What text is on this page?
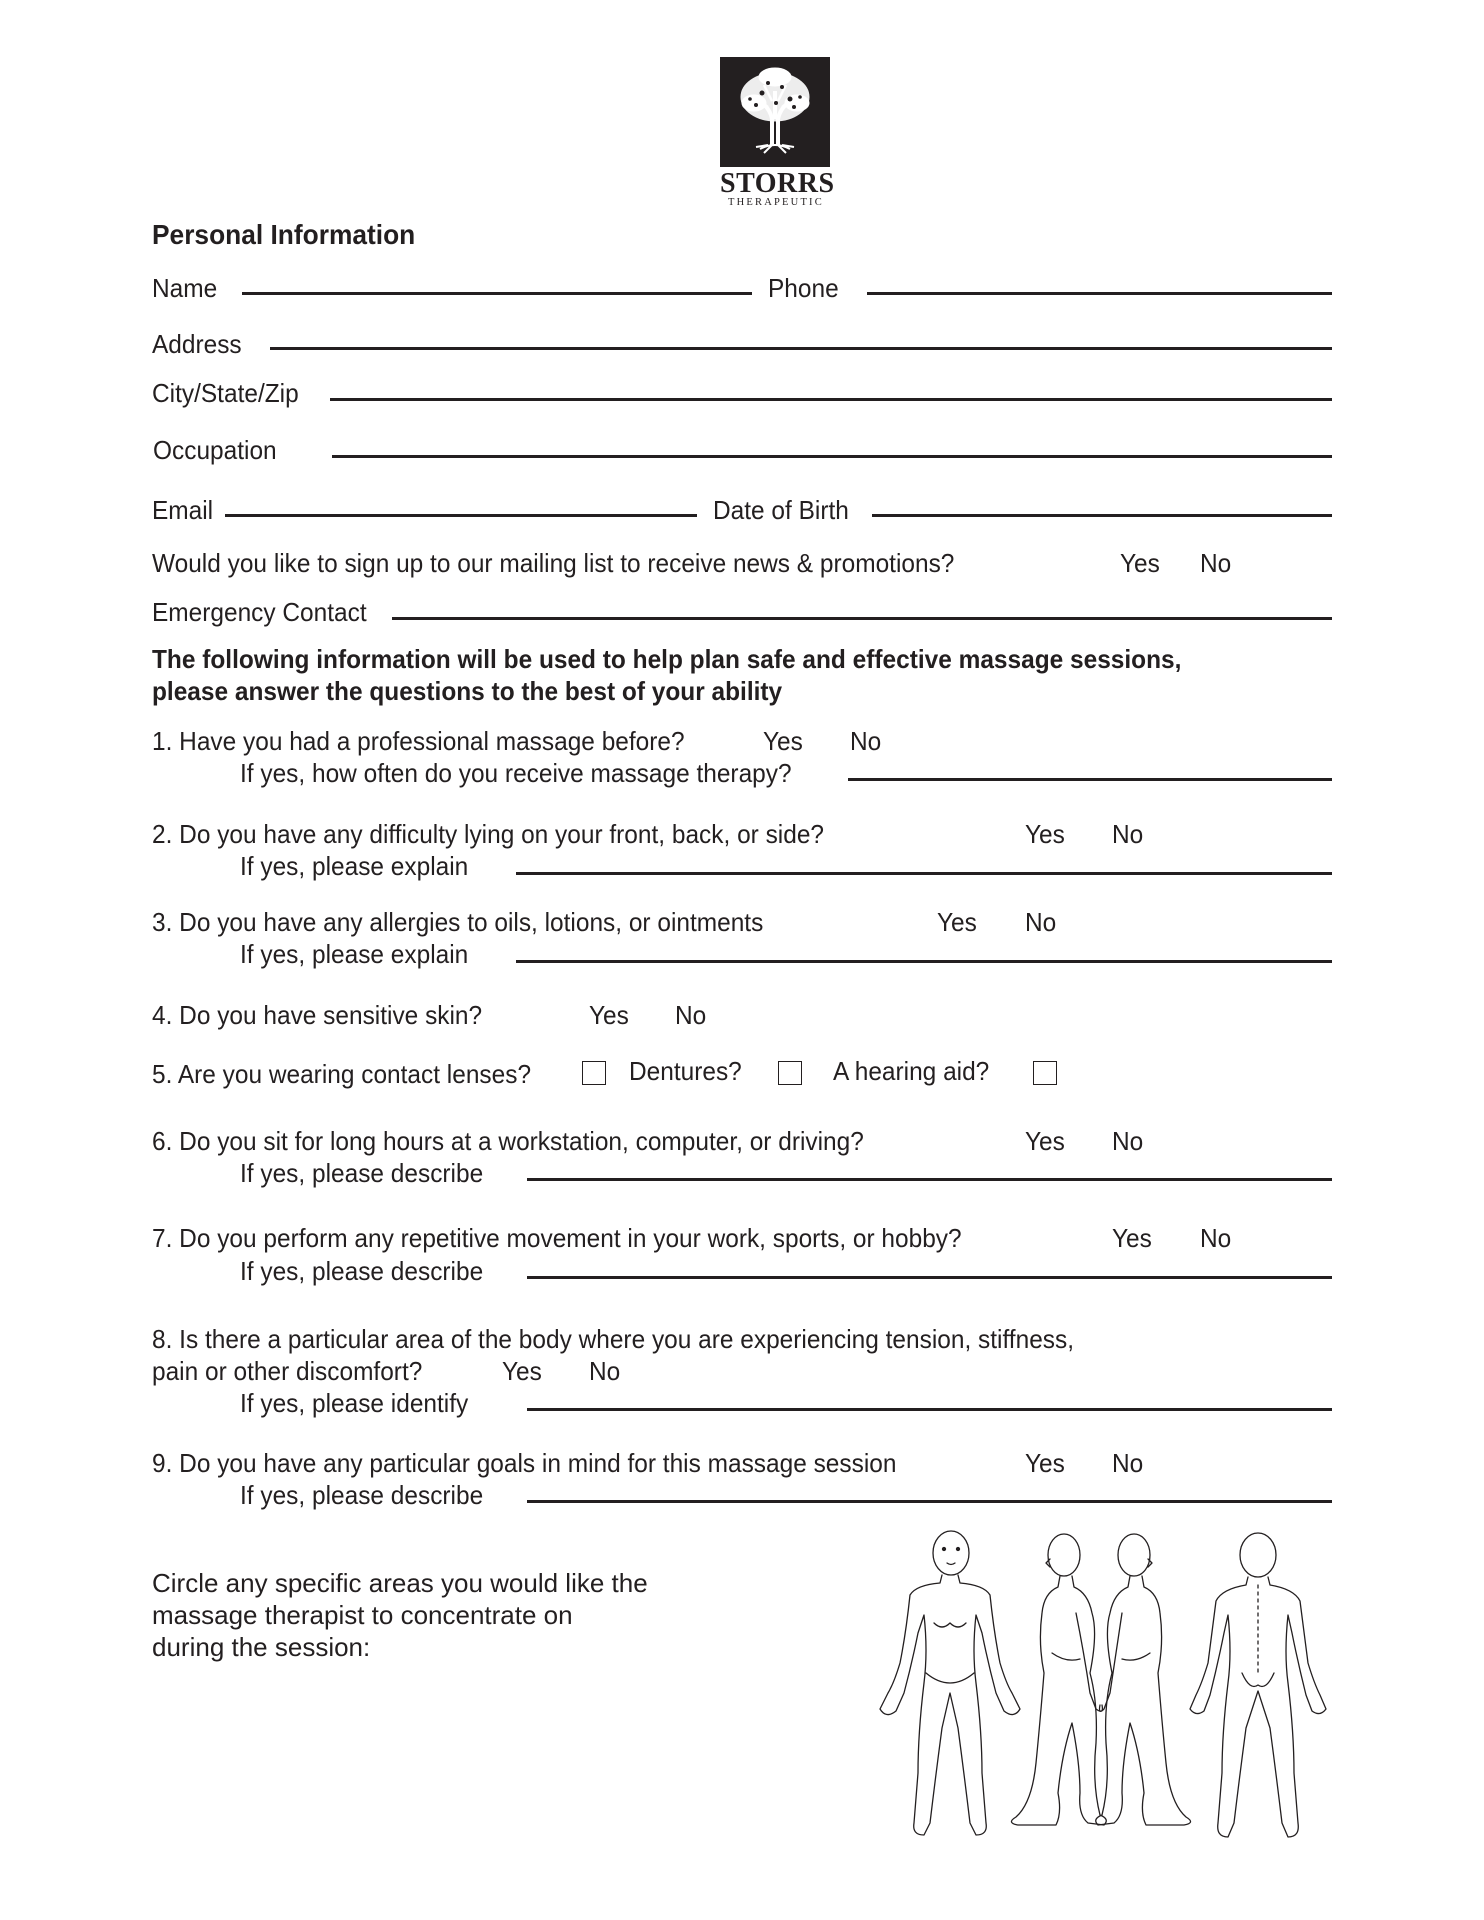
STORRS
THERAPEUTIC
Personal Information
Name	Phone
Address
City/State/Zip
Occupation
Email	Date of Birth
Would you like to sign up to our mailing list to receive news & promotions?	Yes No
Emergency Contact
The following information will be used to help plan safe and effective massage sessions,
please answer the questions to the best of your ability
1. Have you had a professional massage before?	Yes No
If yes, how often do you receive massage therapy?
2. Do you have any difficulty lying on your front, back, or side?	Yes No
If yes, please explain
3. Do you have any allergies to oils, lotions, or ointments	Yes No
If yes, please explain
4. Do you have sensitive skin?	Yes No
5. Are you wearing contact lenses?	Dentures?	A hearing aid?
6. Do you sit for long hours at a workstation, computer, or driving?	Yes No
If yes, please describe
7. Do you perform any repetitive movement in your work, sports, or hobby?	Yes No
If yes, please describe
8. Is there a particular area of the body where you are experiencing tension, stiffness,
pain or other discomfort?	Yes No
If yes, please identify
9. Do you have any particular goals in mind for this massage session	Yes No
If yes, please describe
Circle any specific areas you would like the
massage therapist to concentrate on
during the session:
